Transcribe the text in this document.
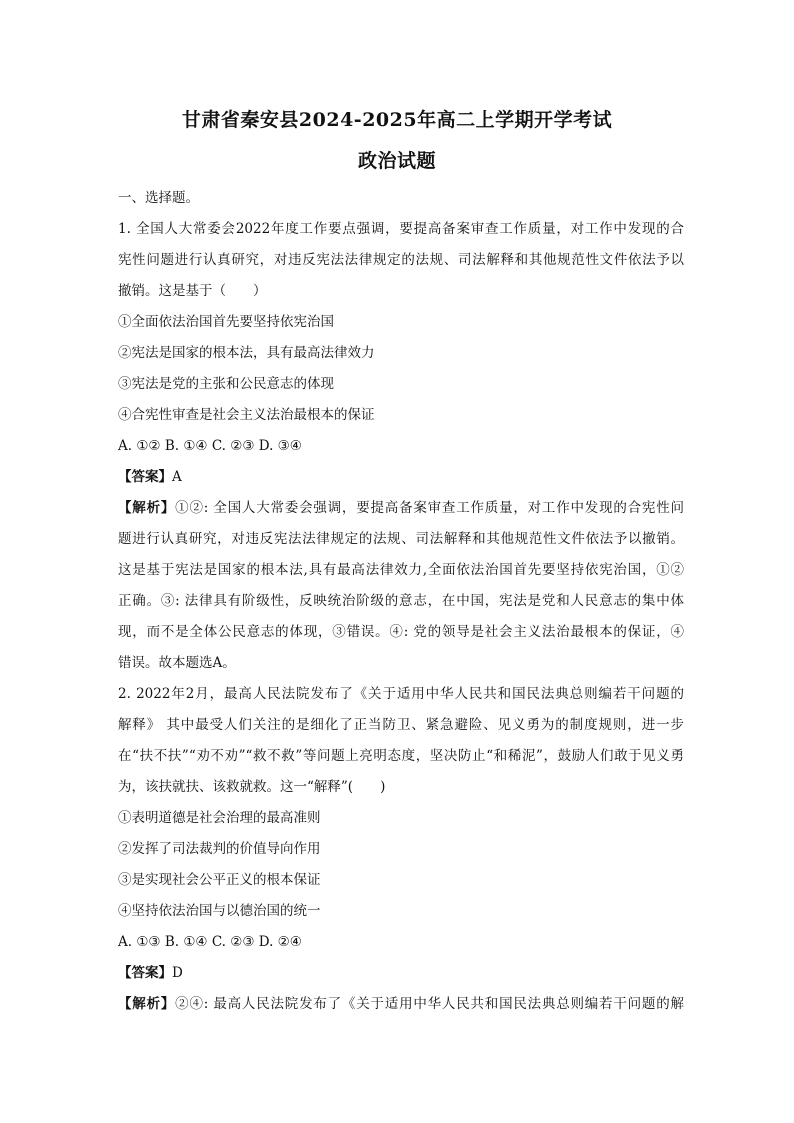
甘肃省秦安县2024-2025年高二上学期开学考试
政治试题
一、选择题。
1. 全国人大常委会2022年度工作要点强调，要提高备案审查工作质量，对工作中发现的合
宪性问题进行认真研究，对违反宪法法律规定的法规、司法解释和其他规范性文件依法予以
撤销。这是基于（　　）
①全面依法治国首先要坚持依宪治国
②宪法是国家的根本法，具有最高法律效力
③宪法是党的主张和公民意志的体现
④合宪性审查是社会主义法治最根本的保证
A. ①② B. ①④ C. ②③ D. ③④
【答案】A
【解析】①②: 全国人大常委会强调，要提高备案审查工作质量，对工作中发现的合宪性问
题进行认真研究，对违反宪法法律规定的法规、司法解释和其他规范性文件依法予以撤销。
这是基于宪法是国家的根本法,具有最高法律效力,全面依法治国首先要坚持依宪治国，①②
正确。③: 法律具有阶级性，反映统治阶级的意志，在中国，宪法是党和人民意志的集中体
现，而不是全体公民意志的体现，③错误。④: 党的领导是社会主义法治最根本的保证，④
错误。故本题选A。
2. 2022年2月，最高人民法院发布了《关于适用中华人民共和国民法典总则编若干问题的
解释》 其中最受人们关注的是细化了正当防卫、紧急避险、见义勇为的制度规则，进一步
在“扶不扶”“劝不劝”“救不救”等问题上亮明态度，坚决防止“和稀泥”，鼓励人们敢于见义勇
为，该扶就扶、该救就救。这一“解释”(　　)
①表明道德是社会治理的最高准则
②发挥了司法裁判的价值导向作用
③是实现社会公平正义的根本保证
④坚持依法治国与以德治国的统一
A. ①③ B. ①④ C. ②③ D. ②④
【答案】D
【解析】②④: 最高人民法院发布了《关于适用中华人民共和国民法典总则编若干问题的解
